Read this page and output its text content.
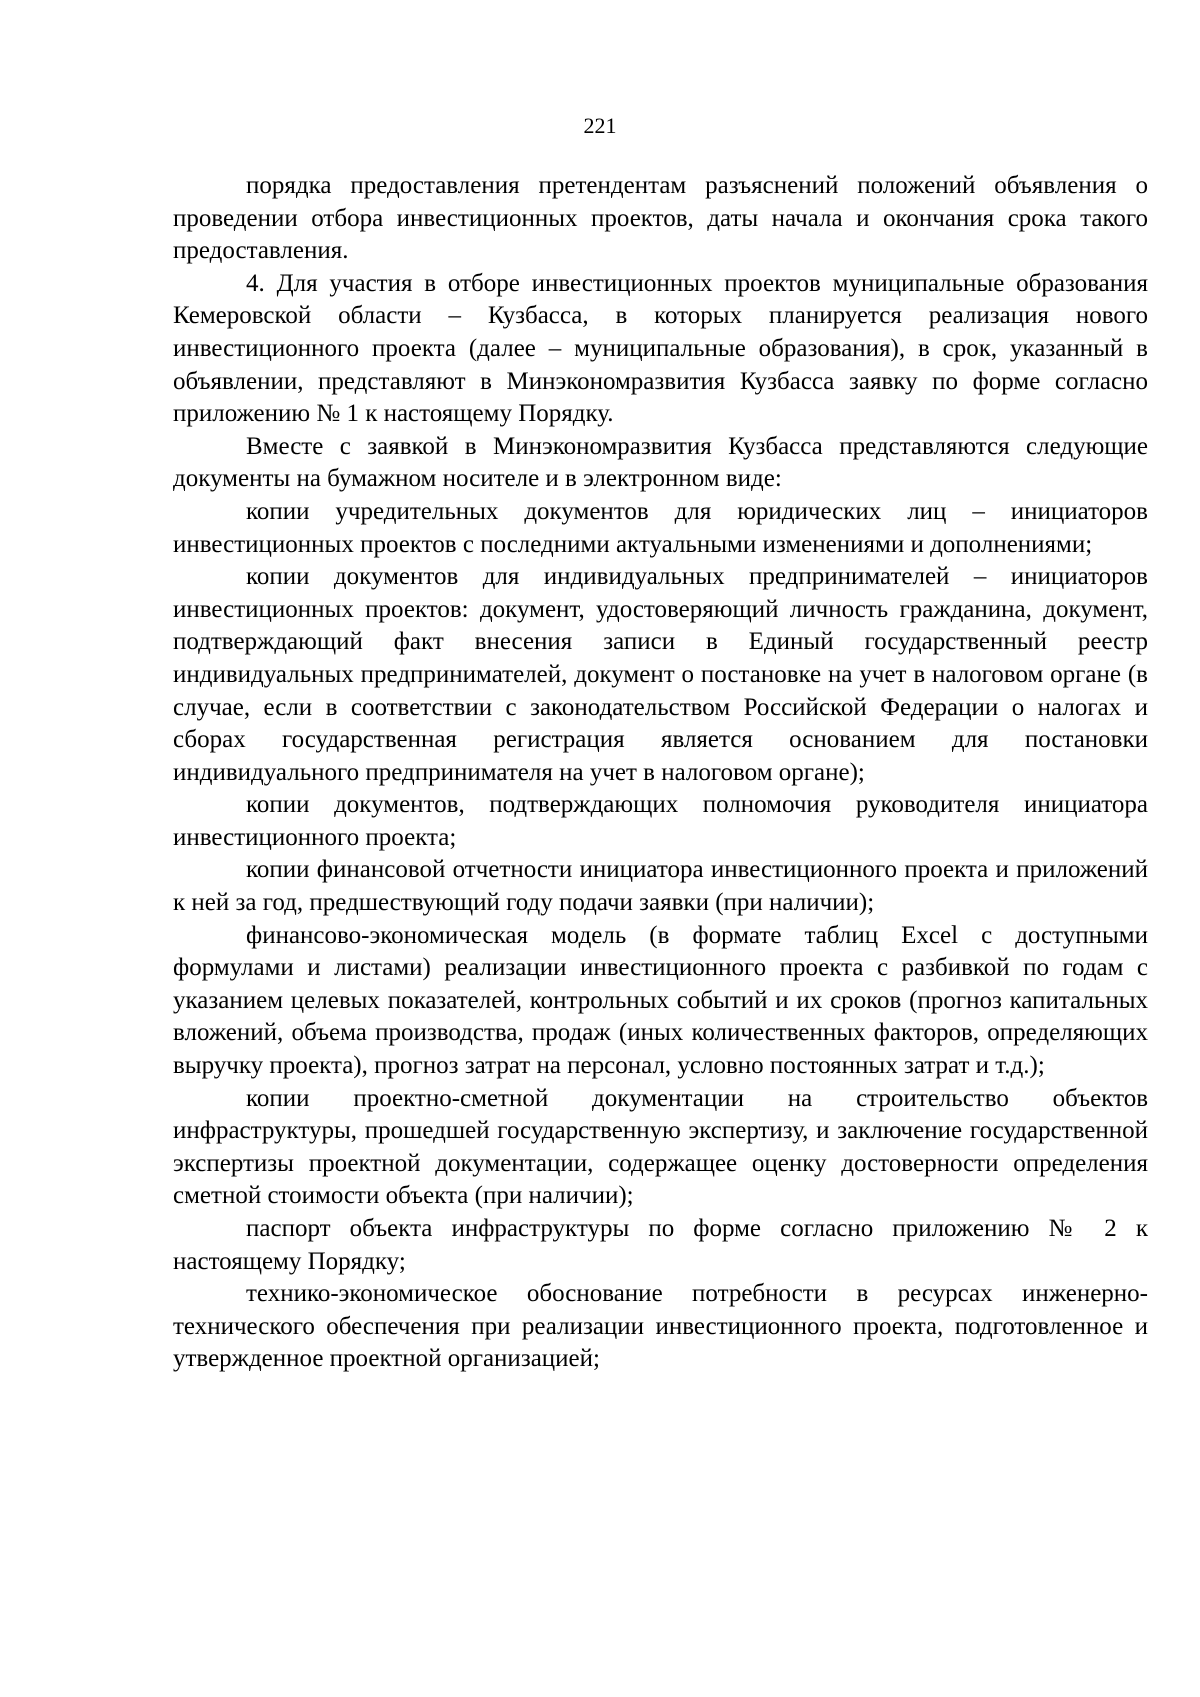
221

порядка предоставления претендентам разъяснений положений объявления о проведении отбора инвестиционных проектов, даты начала и окончания срока такого предоставления.

4. Для участия в отборе инвестиционных проектов муниципальные образования Кемеровской области – Кузбасса, в которых планируется реализация нового инвестиционного проекта (далее – муниципальные образования), в срок, указанный в объявлении, представляют в Минэкономразвития Кузбасса заявку по форме согласно приложению № 1 к настоящему Порядку.

Вместе с заявкой в Минэкономразвития Кузбасса представляются следующие документы на бумажном носителе и в электронном виде:

копии учредительных документов для юридических лиц – инициаторов инвестиционных проектов с последними актуальными изменениями и дополнениями;

копии документов для индивидуальных предпринимателей – инициаторов инвестиционных проектов: документ, удостоверяющий личность гражданина, документ, подтверждающий факт внесения записи в Единый государственный реестр индивидуальных предпринимателей, документ о постановке на учет в налоговом органе (в случае, если в соответствии с законодательством Российской Федерации о налогах и сборах государственная регистрация является основанием для постановки индивидуального предпринимателя на учет в налоговом органе);

копии документов, подтверждающих полномочия руководителя инициатора инвестиционного проекта;

копии финансовой отчетности инициатора инвестиционного проекта и приложений к ней за год, предшествующий году подачи заявки (при наличии);

финансово-экономическая модель (в формате таблиц Excel с доступными формулами и листами) реализации инвестиционного проекта с разбивкой по годам с указанием целевых показателей, контрольных событий и их сроков (прогноз капитальных вложений, объема производства, продаж (иных количественных факторов, определяющих выручку проекта), прогноз затрат на персонал, условно постоянных затрат и т.д.);

копии проектно-сметной документации на строительство объектов инфраструктуры, прошедшей государственную экспертизу, и заключение государственной экспертизы проектной документации, содержащее оценку достоверности определения сметной стоимости объекта (при наличии);

паспорт объекта инфраструктуры по форме согласно приложению № 2 к настоящему Порядку;

технико-экономическое обоснование потребности в ресурсах инженерно-технического обеспечения при реализации инвестиционного проекта, подготовленное и утвержденное проектной организацией;
